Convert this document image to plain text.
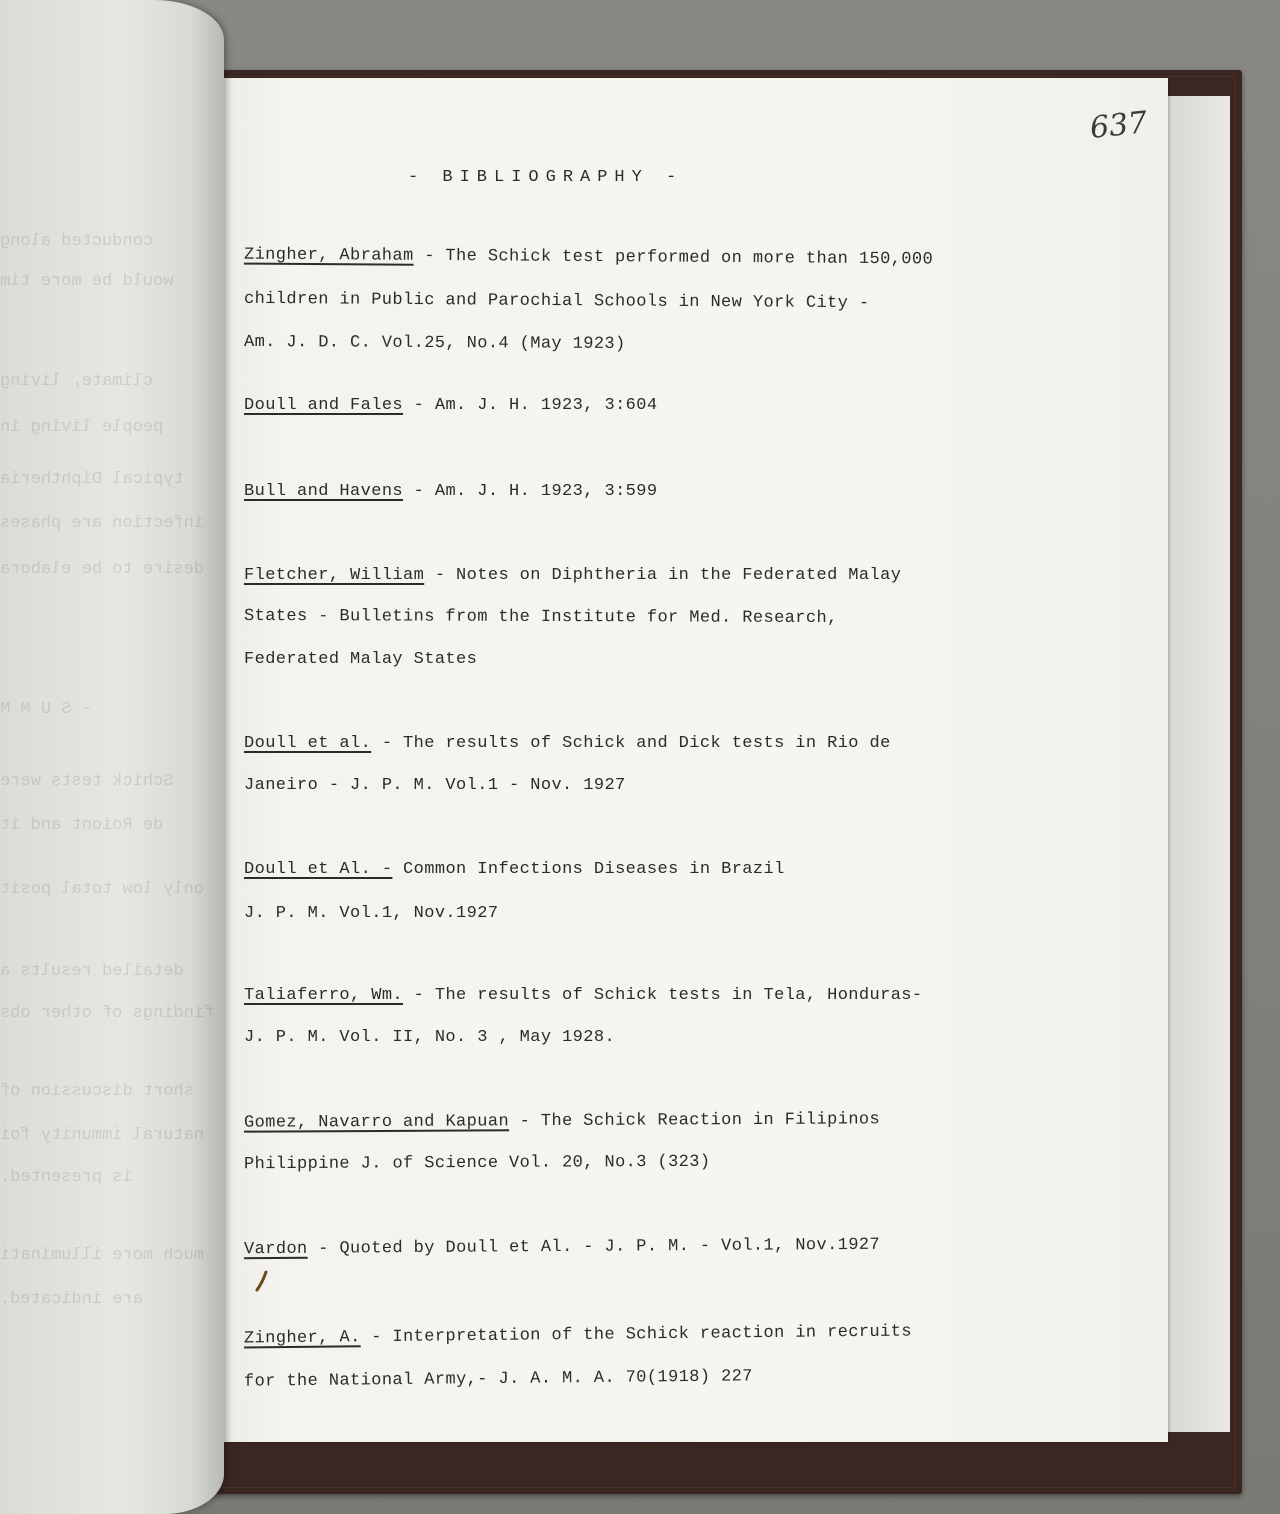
conducted along
would be more tim
climate, living
people living in
typical Diphtheria
infection are phases
desire to be elabora
- S U M M
Schick tests were
de Roiont and it
only low total posit
detailed results a
findings of other obs
short discussion of
natural immunity foi
is presented.
much more illuminati
are indicated.
637
- BIBLIOGRAPHY -
Zingher, Abraham - The Schick test performed on more than 150,000
children in Public and Parochial Schools in New York City -
Am. J. D. C. Vol.25, No.4 (May 1923)
Doull and Fales - Am. J. H. 1923, 3:604
Bull and Havens - Am. J. H. 1923, 3:599
Fletcher, William - Notes on Diphtheria in the Federated Malay
States - Bulletins from the Institute for Med. Research,
Federated Malay States
Doull et al. - The results of Schick and Dick tests in Rio de
Janeiro - J. P. M. Vol.1 - Nov. 1927
Doull et Al. - Common Infections Diseases in Brazil
J. P. M. Vol.1, Nov.1927
Taliaferro, Wm. - The results of Schick tests in Tela, Honduras-
J. P. M. Vol. II, No. 3 , May 1928.
Gomez, Navarro and Kapuan - The Schick Reaction in Filipinos
Philippine J. of Science Vol. 20, No.3 (323)
Vardon - Quoted by Doull et Al. - J. P. M. - Vol.1, Nov.1927
Zingher, A. - Interpretation of the Schick reaction in recruits
for the National Army,- J. A. M. A. 70(1918) 227
